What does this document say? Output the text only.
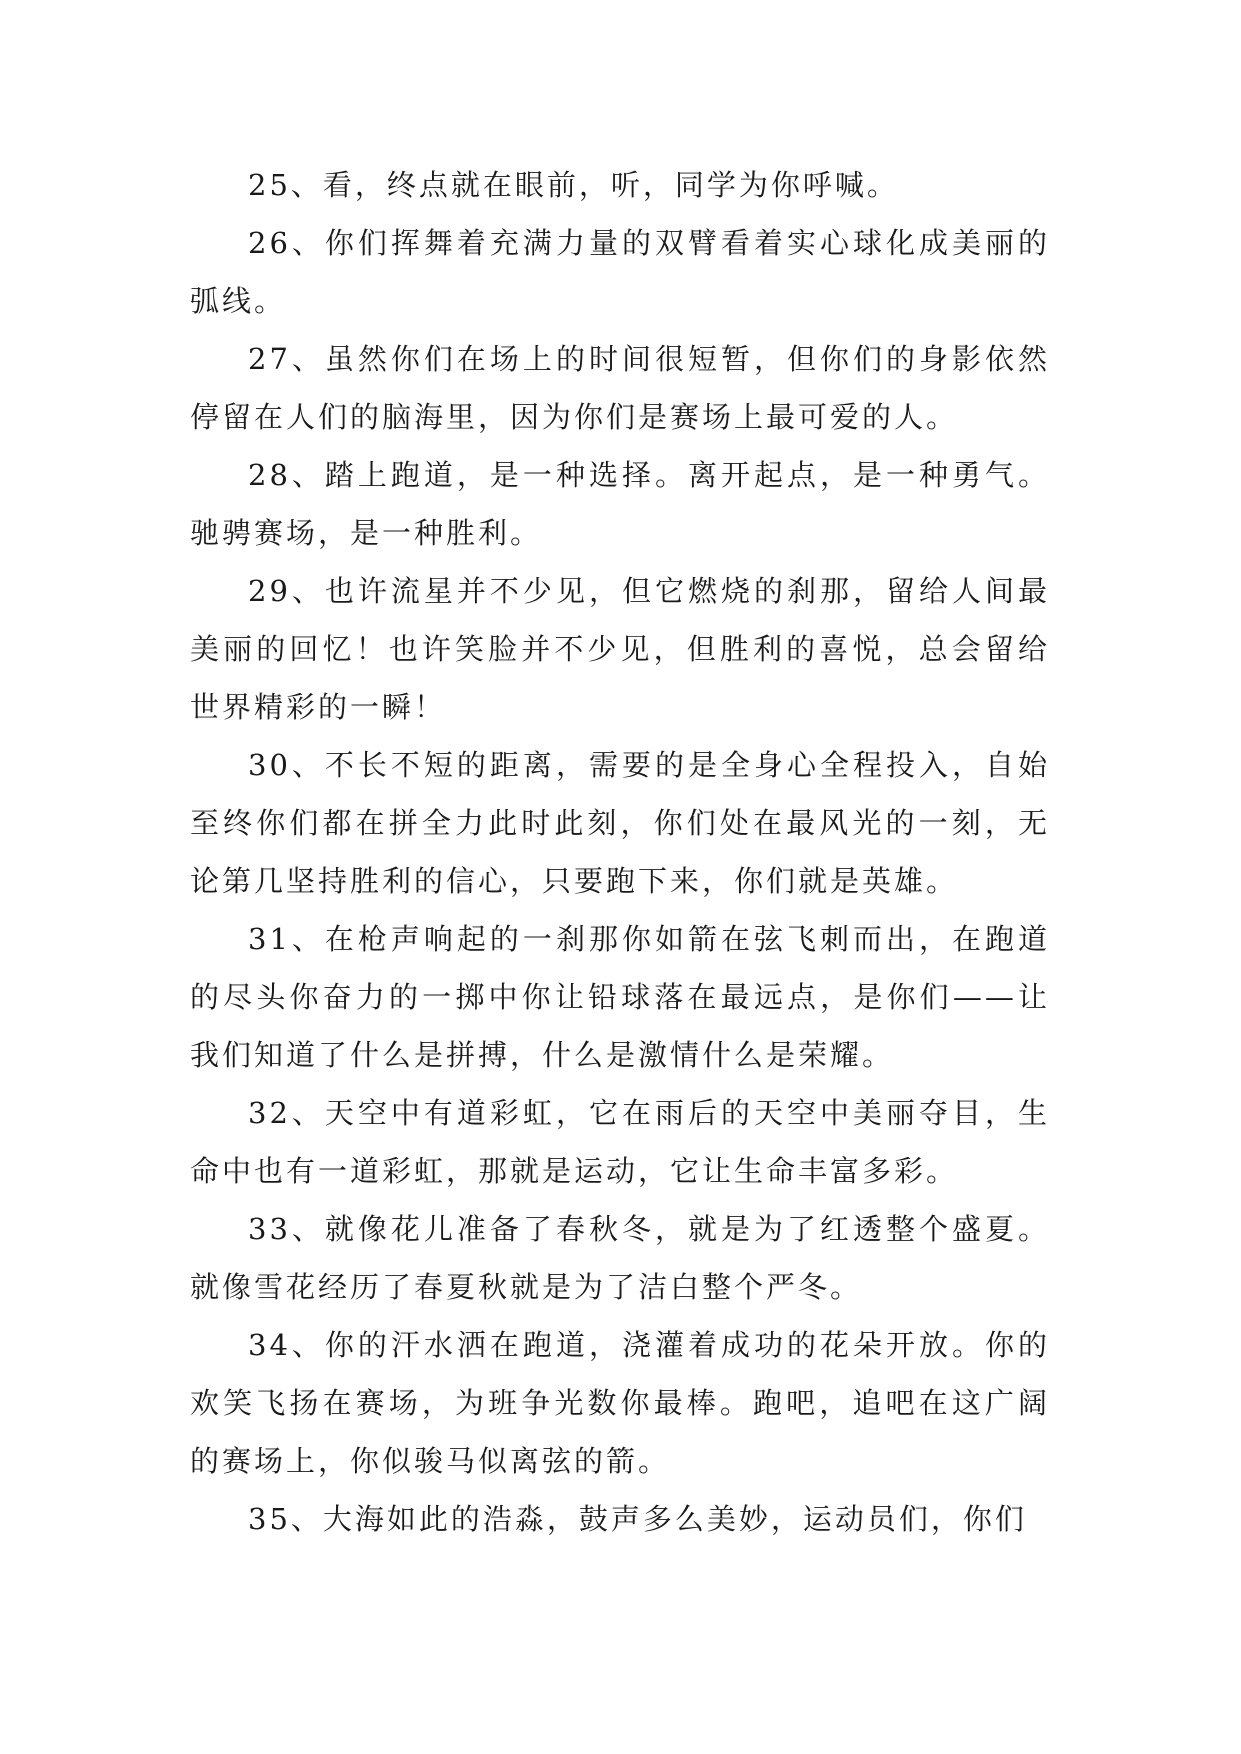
25、看，终点就在眼前，听，同学为你呼喊。

26、你们挥舞着充满力量的双臂看着实心球化成美丽的弧线。

27、虽然你们在场上的时间很短暂，但你们的身影依然停留在人们的脑海里，因为你们是赛场上最可爱的人。

28、踏上跑道，是一种选择。离开起点，是一种勇气。驰骋赛场，是一种胜利。

29、也许流星并不少见，但它燃烧的刹那，留给人间最美丽的回忆！也许笑脸并不少见，但胜利的喜悦，总会留给世界精彩的一瞬！

30、不长不短的距离，需要的是全身心全程投入，自始至终你们都在拼全力此时此刻，你们处在最风光的一刻，无论第几坚持胜利的信心，只要跑下来，你们就是英雄。

31、在枪声响起的一刹那你如箭在弦飞刺而出，在跑道的尽头你奋力的一掷中你让铅球落在最远点，是你们——让我们知道了什么是拼搏，什么是激情什么是荣耀。

32、天空中有道彩虹，它在雨后的天空中美丽夺目，生命中也有一道彩虹，那就是运动，它让生命丰富多彩。

33、就像花儿准备了春秋冬，就是为了红透整个盛夏。就像雪花经历了春夏秋就是为了洁白整个严冬。

34、你的汗水洒在跑道，浇灌着成功的花朵开放。你的欢笑飞扬在赛场，为班争光数你最棒。跑吧，追吧在这广阔的赛场上，你似骏马似离弦的箭。

35、大海如此的浩淼，鼓声多么美妙，运动员们，你们
